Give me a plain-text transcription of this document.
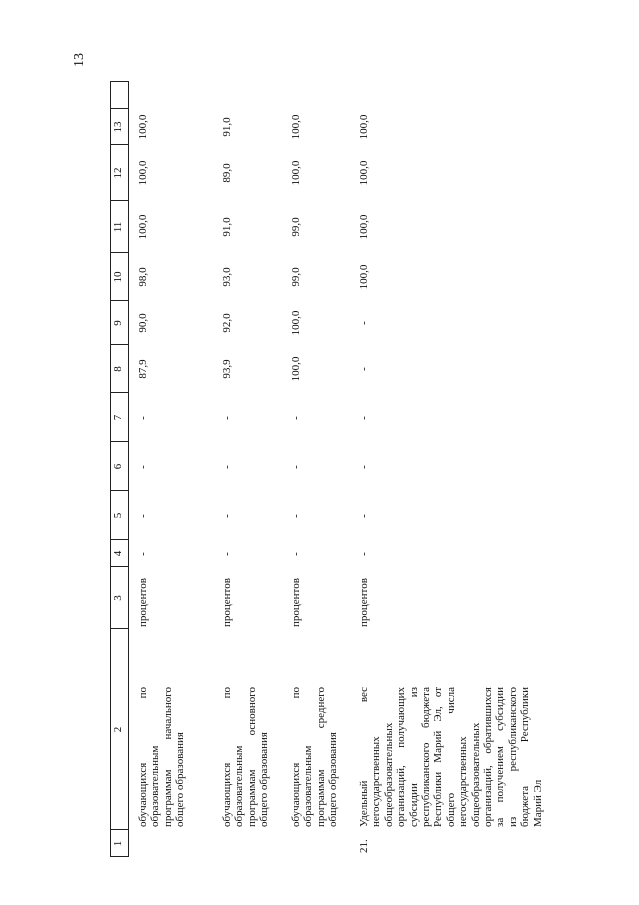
13
1
2
3
4
5
6
7
8
9
10
11
12
13
обучающихся по образовательным программам начального общего образования
процентов
-
-
-
-
87,9
90,0
98,0
100,0
100,0
100,0
обучающихся по образовательным программам основного общего образования
процентов
-
-
-
-
93,9
92,0
93,0
91,0
89,0
91,0
обучающихся по образовательным программам среднего общего образования
процентов
-
-
-
-
100,0
100,0
99,0
99,0
100,0
100,0
21.
Удельный вес негосударственных общеобразовательных организаций, получающих субсидии из республиканского бюджета Республики Марий Эл, от общего числа негосударственных общеобразовательных организаций, обратившихся за получением субсидии из республиканского бюджета Республики Марий Эл
процентов
-
-
-
-
-
-
100,0
100,0
100,0
100,0
